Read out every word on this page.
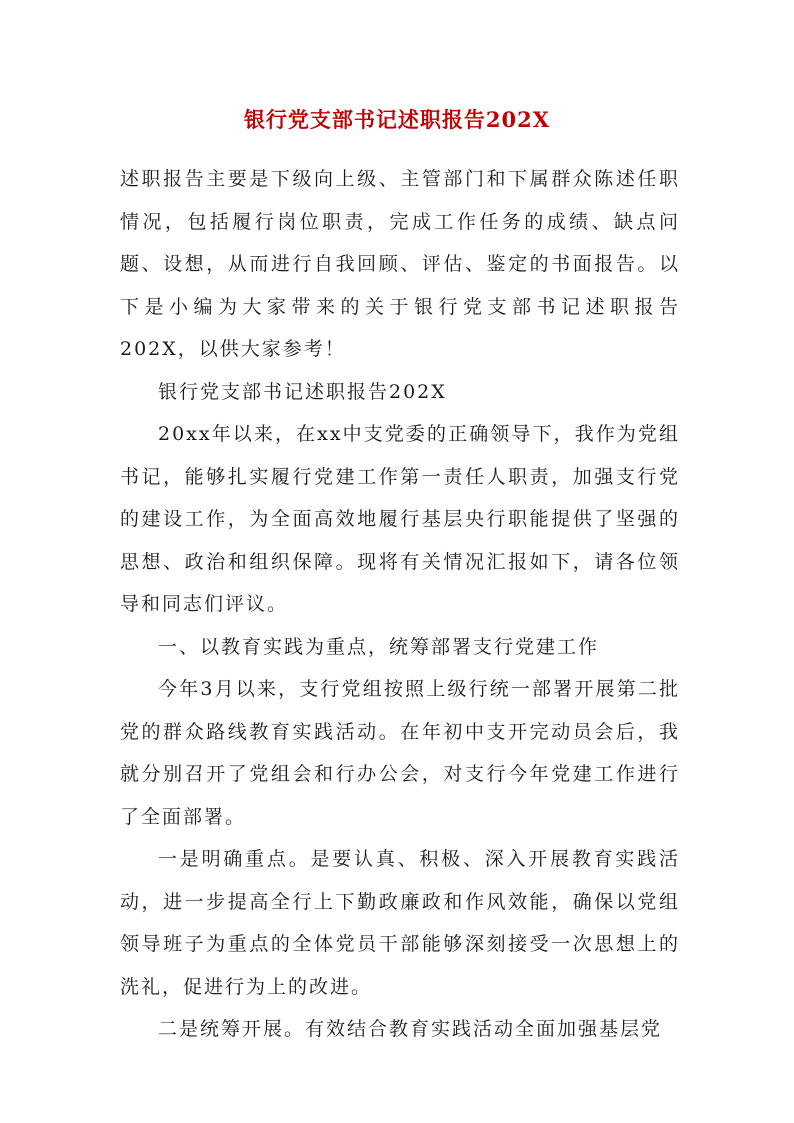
银行党支部书记述职报告202X

述职报告主要是下级向上级、主管部门和下属群众陈述任职情况，包括履行岗位职责，完成工作任务的成绩、缺点问题、设想，从而进行自我回顾、评估、鉴定的书面报告。以下是小编为大家带来的关于银行党支部书记述职报告202X，以供大家参考！

银行党支部书记述职报告202X

20xx年以来，在xx中支党委的正确领导下，我作为党组书记，能够扎实履行党建工作第一责任人职责，加强支行党的建设工作，为全面高效地履行基层央行职能提供了坚强的思想、政治和组织保障。现将有关情况汇报如下，请各位领导和同志们评议。

一、以教育实践为重点，统筹部署支行党建工作

今年3月以来，支行党组按照上级行统一部署开展第二批党的群众路线教育实践活动。在年初中支开完动员会后，我就分别召开了党组会和行办公会，对支行今年党建工作进行了全面部署。

一是明确重点。是要认真、积极、深入开展教育实践活动，进一步提高全行上下勤政廉政和作风效能，确保以党组领导班子为重点的全体党员干部能够深刻接受一次思想上的洗礼，促进行为上的改进。

二是统筹开展。有效结合教育实践活动全面加强基层党
